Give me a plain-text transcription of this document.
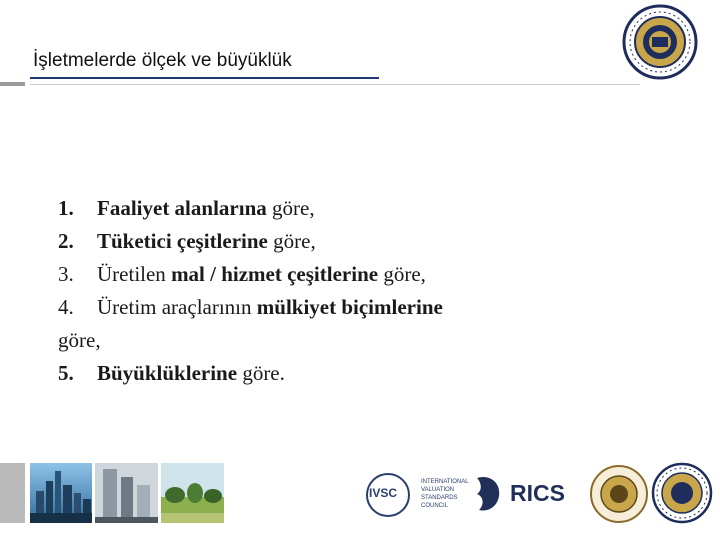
İşletmelerde ölçek ve büyüklük
1. Faaliyet alanlarına göre,
2. Tüketici çeşitlerine göre,
3. Üretilen mal / hizmet çeşitlerine göre,
4. Üretim araçlarının mülkiyet biçimlerine
göre,
5. Büyüklüklerine göre.
IVSC
INTERNATIONAL
VALUATION
STANDARDS
COUNCIL	RICS
